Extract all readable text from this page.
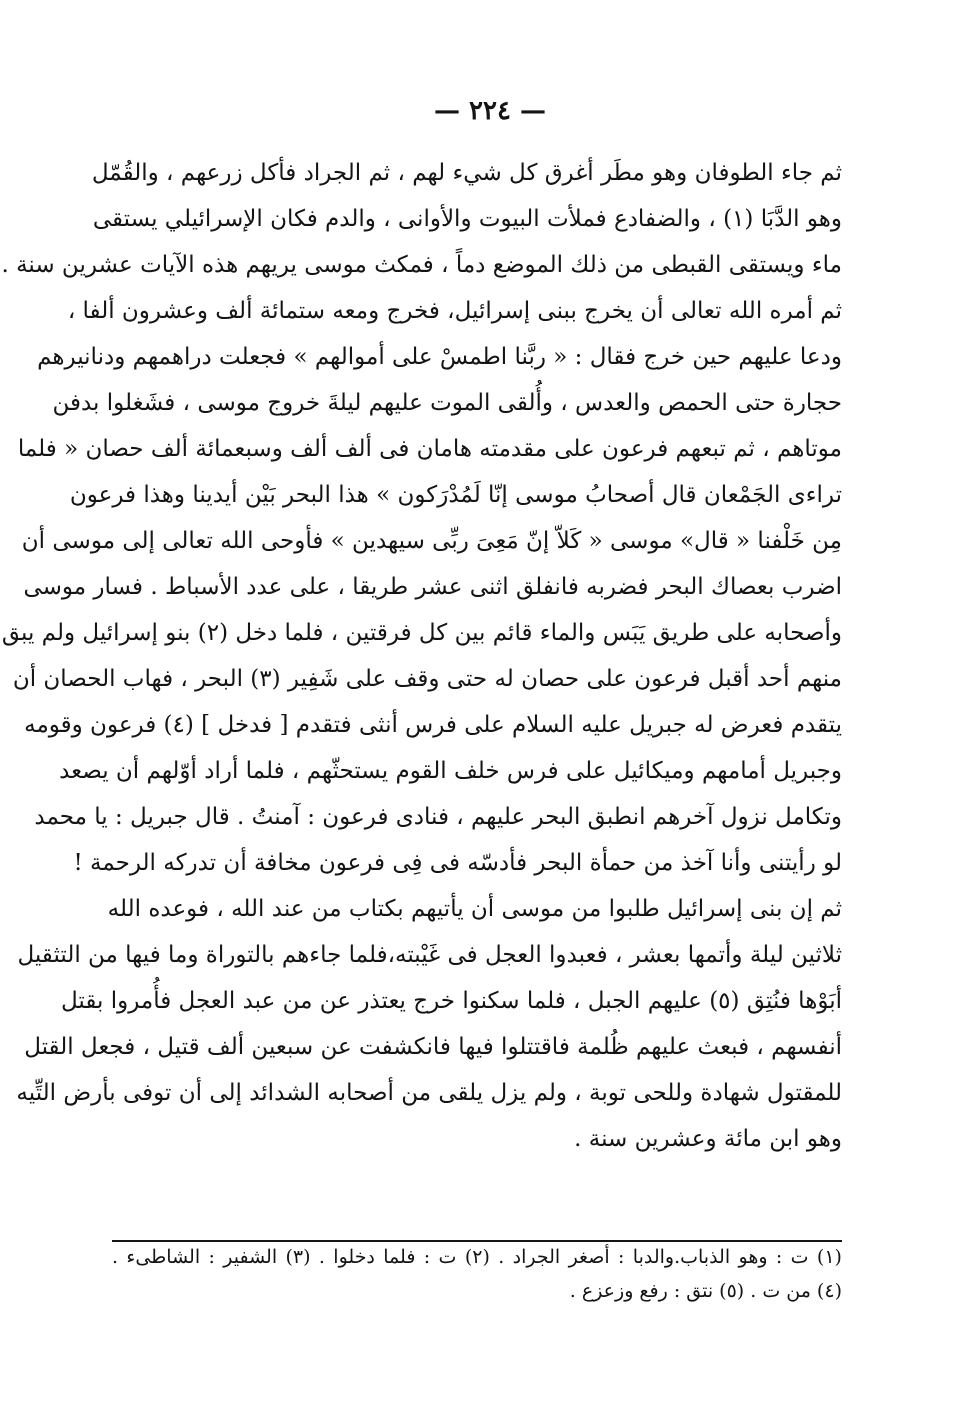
— ٢٢٤ —
ثم جاء الطوفان وهو مطَر أغرق كل شيء لهم ، ثم الجراد فأكل زرعهم ، والقُمّل
وهو الدَّبَا (١) ، والضفادع فملأت البيوت والأوانى ، والدم فكان الإسرائيلي يستقى
ماء ويستقى القبطى من ذلك الموضع دماً ، فمكث موسى يريهم هذه الآيات عشرين سنة .
ثم أمره الله تعالى أن يخرج ببنى إسرائيل، فخرج ومعه ستمائة ألف وعشرون ألفا ،
ودعا عليهم حين خرج فقال : « ربَّنا اطمسْ على أموالهم » فجعلت دراهمهم ودنانيرهم
حجارة حتى الحمص والعدس ، وأُلقى الموت عليهم ليلةَ خروج موسى ، فشَغلوا بدفن
موتاهم ، ثم تبعهم فرعون على مقدمته هامان فى ألف ألف وسبعمائة ألف حصان « فلما
تراءى الجَمْعان قال أصحابُ موسى إنّا لَمُدْرَكون » هذا البحر بَيْن أيدينا وهذا فرعون
مِن خَلْفنا « قال» موسى « كَلاّ إنّ مَعِىَ ربِّى سيهدين » فأوحى الله تعالى إلى موسى أن
اضرب بعصاك البحر فضربه فانفلق اثنى عشر طريقا ، على عدد الأسباط . فسار موسى
وأصحابه على طريق يَبَس والماء قائم بين كل فرقتين ، فلما دخل (٢) بنو إسرائيل ولم يبق
منهم أحد أقبل فرعون على حصان له حتى وقف على شَفِير (٣) البحر ، فهاب الحصان أن
يتقدم فعرض له جبريل عليه السلام على فرس أنثى فتقدم [ فدخل ] (٤) فرعون وقومه
وجبريل أمامهم وميكائيل على فرس خلف القوم يستحثّهم ، فلما أراد أوّلهم أن يصعد
وتكامل نزول آخرهم انطبق البحر عليهم ، فنادى فرعون : آمنتُ . قال جبريل : يا محمد
لو رأيتنى وأنا آخذ من حمأة البحر فأدسّه فى فِى فرعون مخافة أن تدركه الرحمة !
ثم إن بنى إسرائيل طلبوا من موسى أن يأتيهم بكتاب من عند الله ، فوعده الله
ثلاثين ليلة وأتمها بعشر ، فعبدوا العجل فى غَيْبته،فلما جاءهم بالتوراة وما فيها من التثقيل
أبَوْها فنُتِق (٥) عليهم الجبل ، فلما سكنوا خرج يعتذر عن من عبد العجل فأُمروا بقتل
أنفسهم ، فبعث عليهم ظُلمة فاقتتلوا فيها فانكشفت عن سبعين ألف قتيل ، فجعل القتل
للمقتول شهادة وللحى توبة ، ولم يزل يلقى من أصحابه الشدائد إلى أن توفى بأرض التِّيه
وهو ابن مائة وعشرين سنة .
(١) ت : وهو الذباب.والدبا : أصغر الجراد . (٢) ت : فلما دخلوا . (٣) الشفير : الشاطىء .
(٤) من ت . (٥) نتق : رفع وزعزع .
